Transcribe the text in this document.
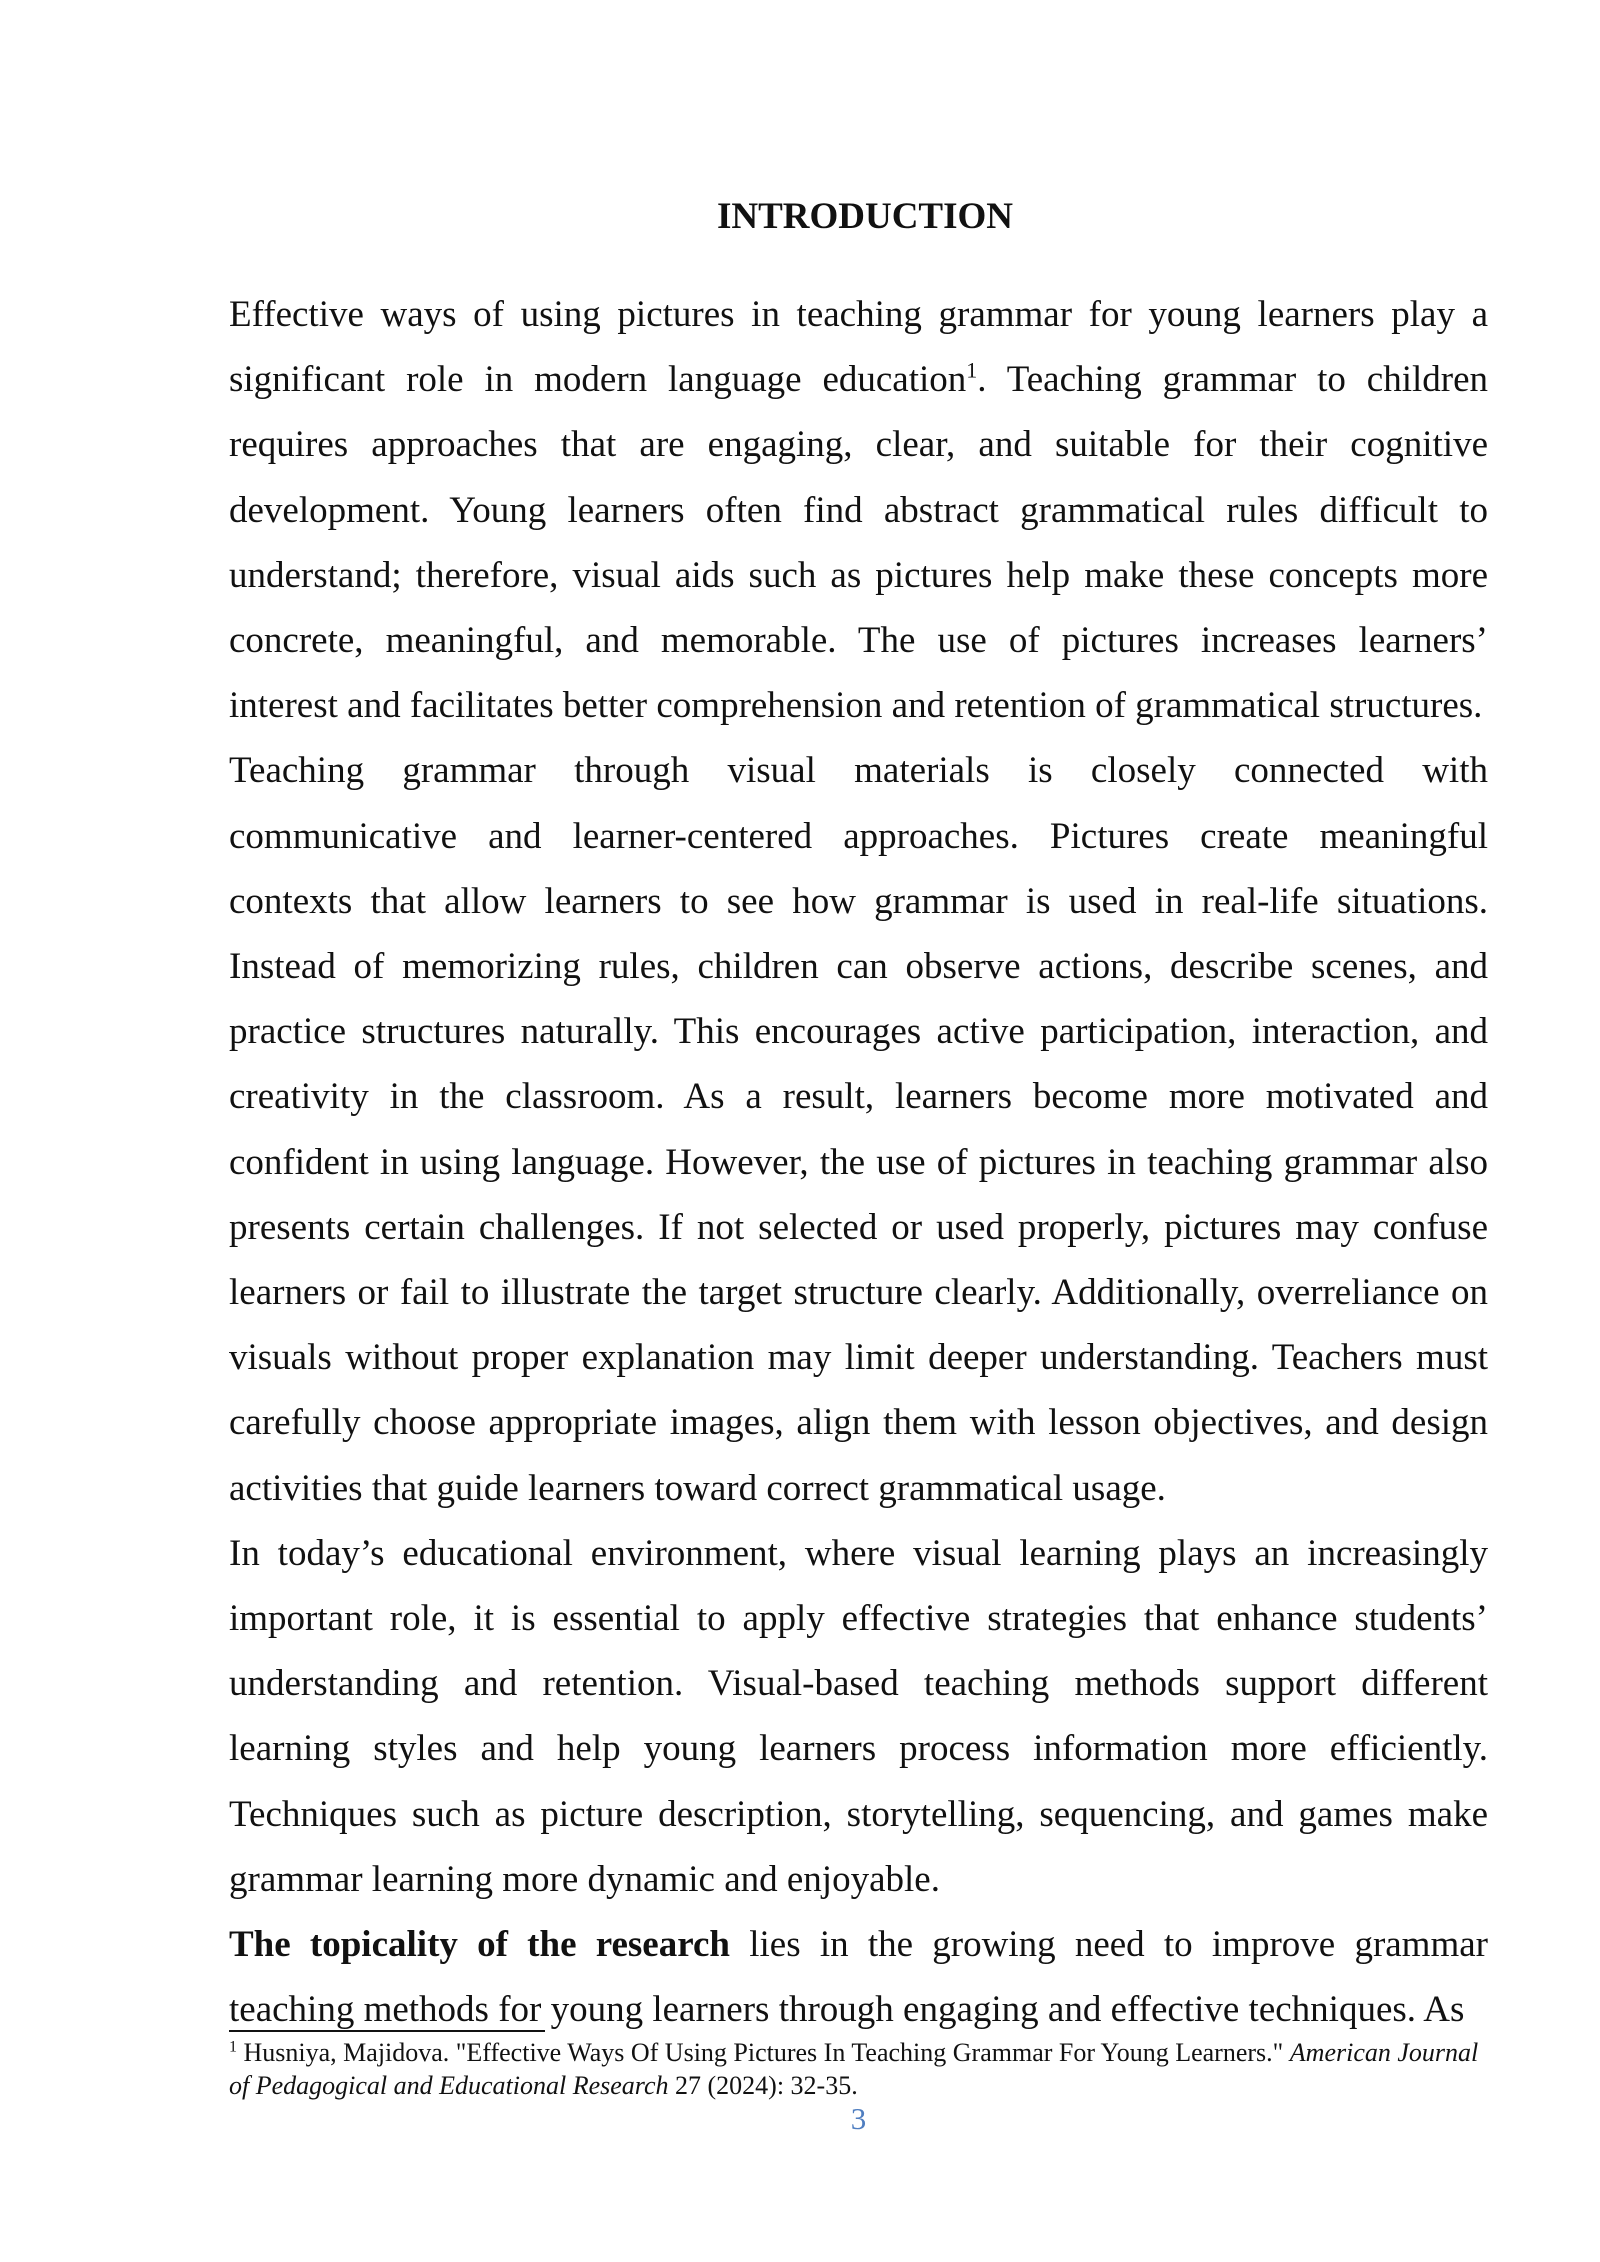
INTRODUCTION

Effective ways of using pictures in teaching grammar for young learners play a significant role in modern language education$^1$. Teaching grammar to children requires approaches that are engaging, clear, and suitable for their cognitive development. Young learners often find abstract grammatical rules difficult to understand; therefore, visual aids such as pictures help make these concepts more concrete, meaningful, and memorable. The use of pictures increases learners’ interest and facilitates better comprehension and retention of grammatical structures.

Teaching grammar through visual materials is closely connected with communicative and learner-centered approaches. Pictures create meaningful contexts that allow learners to see how grammar is used in real-life situations. Instead of memorizing rules, children can observe actions, describe scenes, and practice structures naturally. This encourages active participation, interaction, and creativity in the classroom. As a result, learners become more motivated and confident in using language. However, the use of pictures in teaching grammar also presents certain challenges. If not selected or used properly, pictures may confuse learners or fail to illustrate the target structure clearly. Additionally, overreliance on visuals without proper explanation may limit deeper understanding. Teachers must carefully choose appropriate images, align them with lesson objectives, and design activities that guide learners toward correct grammatical usage.

In today’s educational environment, where visual learning plays an increasingly important role, it is essential to apply effective strategies that enhance students’ understanding and retention. Visual-based teaching methods support different learning styles and help young learners process information more efficiently. Techniques such as picture description, storytelling, sequencing, and games make grammar learning more dynamic and enjoyable.

The topicality of the research lies in the growing need to improve grammar teaching methods for young learners through engaging and effective techniques. As

$^1$ Husniya, Majidova. "Effective Ways Of Using Pictures In Teaching Grammar For Young Learners." American Journal of Pedagogical and Educational Research 27 (2024): 32-35.
3
